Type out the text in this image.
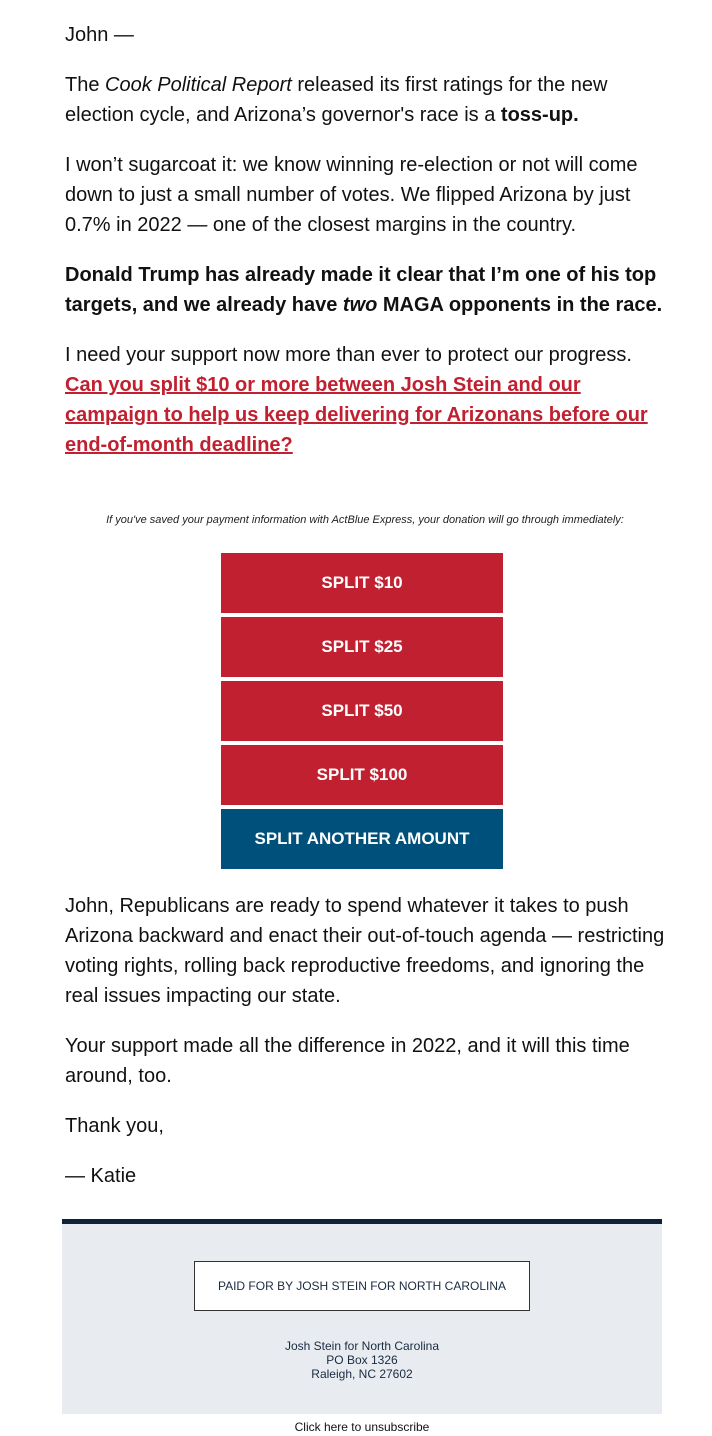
John —

The Cook Political Report released its first ratings for the new election cycle, and Arizona’s governor's race is a toss-up.

I won’t sugarcoat it: we know winning re-election or not will come down to just a small number of votes. We flipped Arizona by just 0.7% in 2022 — one of the closest margins in the country.

Donald Trump has already made it clear that I’m one of his top targets, and we already have two MAGA opponents in the race.

I need your support now more than ever to protect our progress. Can you split $10 or more between Josh Stein and our campaign to help us keep delivering for Arizonans before our end-of-month deadline?

If you've saved your payment information with ActBlue Express, your donation will go through immediately:
SPLIT $10
SPLIT $25
SPLIT $50
SPLIT $100
SPLIT ANOTHER AMOUNT

John, Republicans are ready to spend whatever it takes to push Arizona backward and enact their out-of-touch agenda — restricting voting rights, rolling back reproductive freedoms, and ignoring the real issues impacting our state.

Your support made all the difference in 2022, and it will this time around, too.

Thank you,

— Katie

PAID FOR BY JOSH STEIN FOR NORTH CAROLINA
Josh Stein for North Carolina
PO Box 1326
Raleigh, NC 27602
Click here to unsubscribe
